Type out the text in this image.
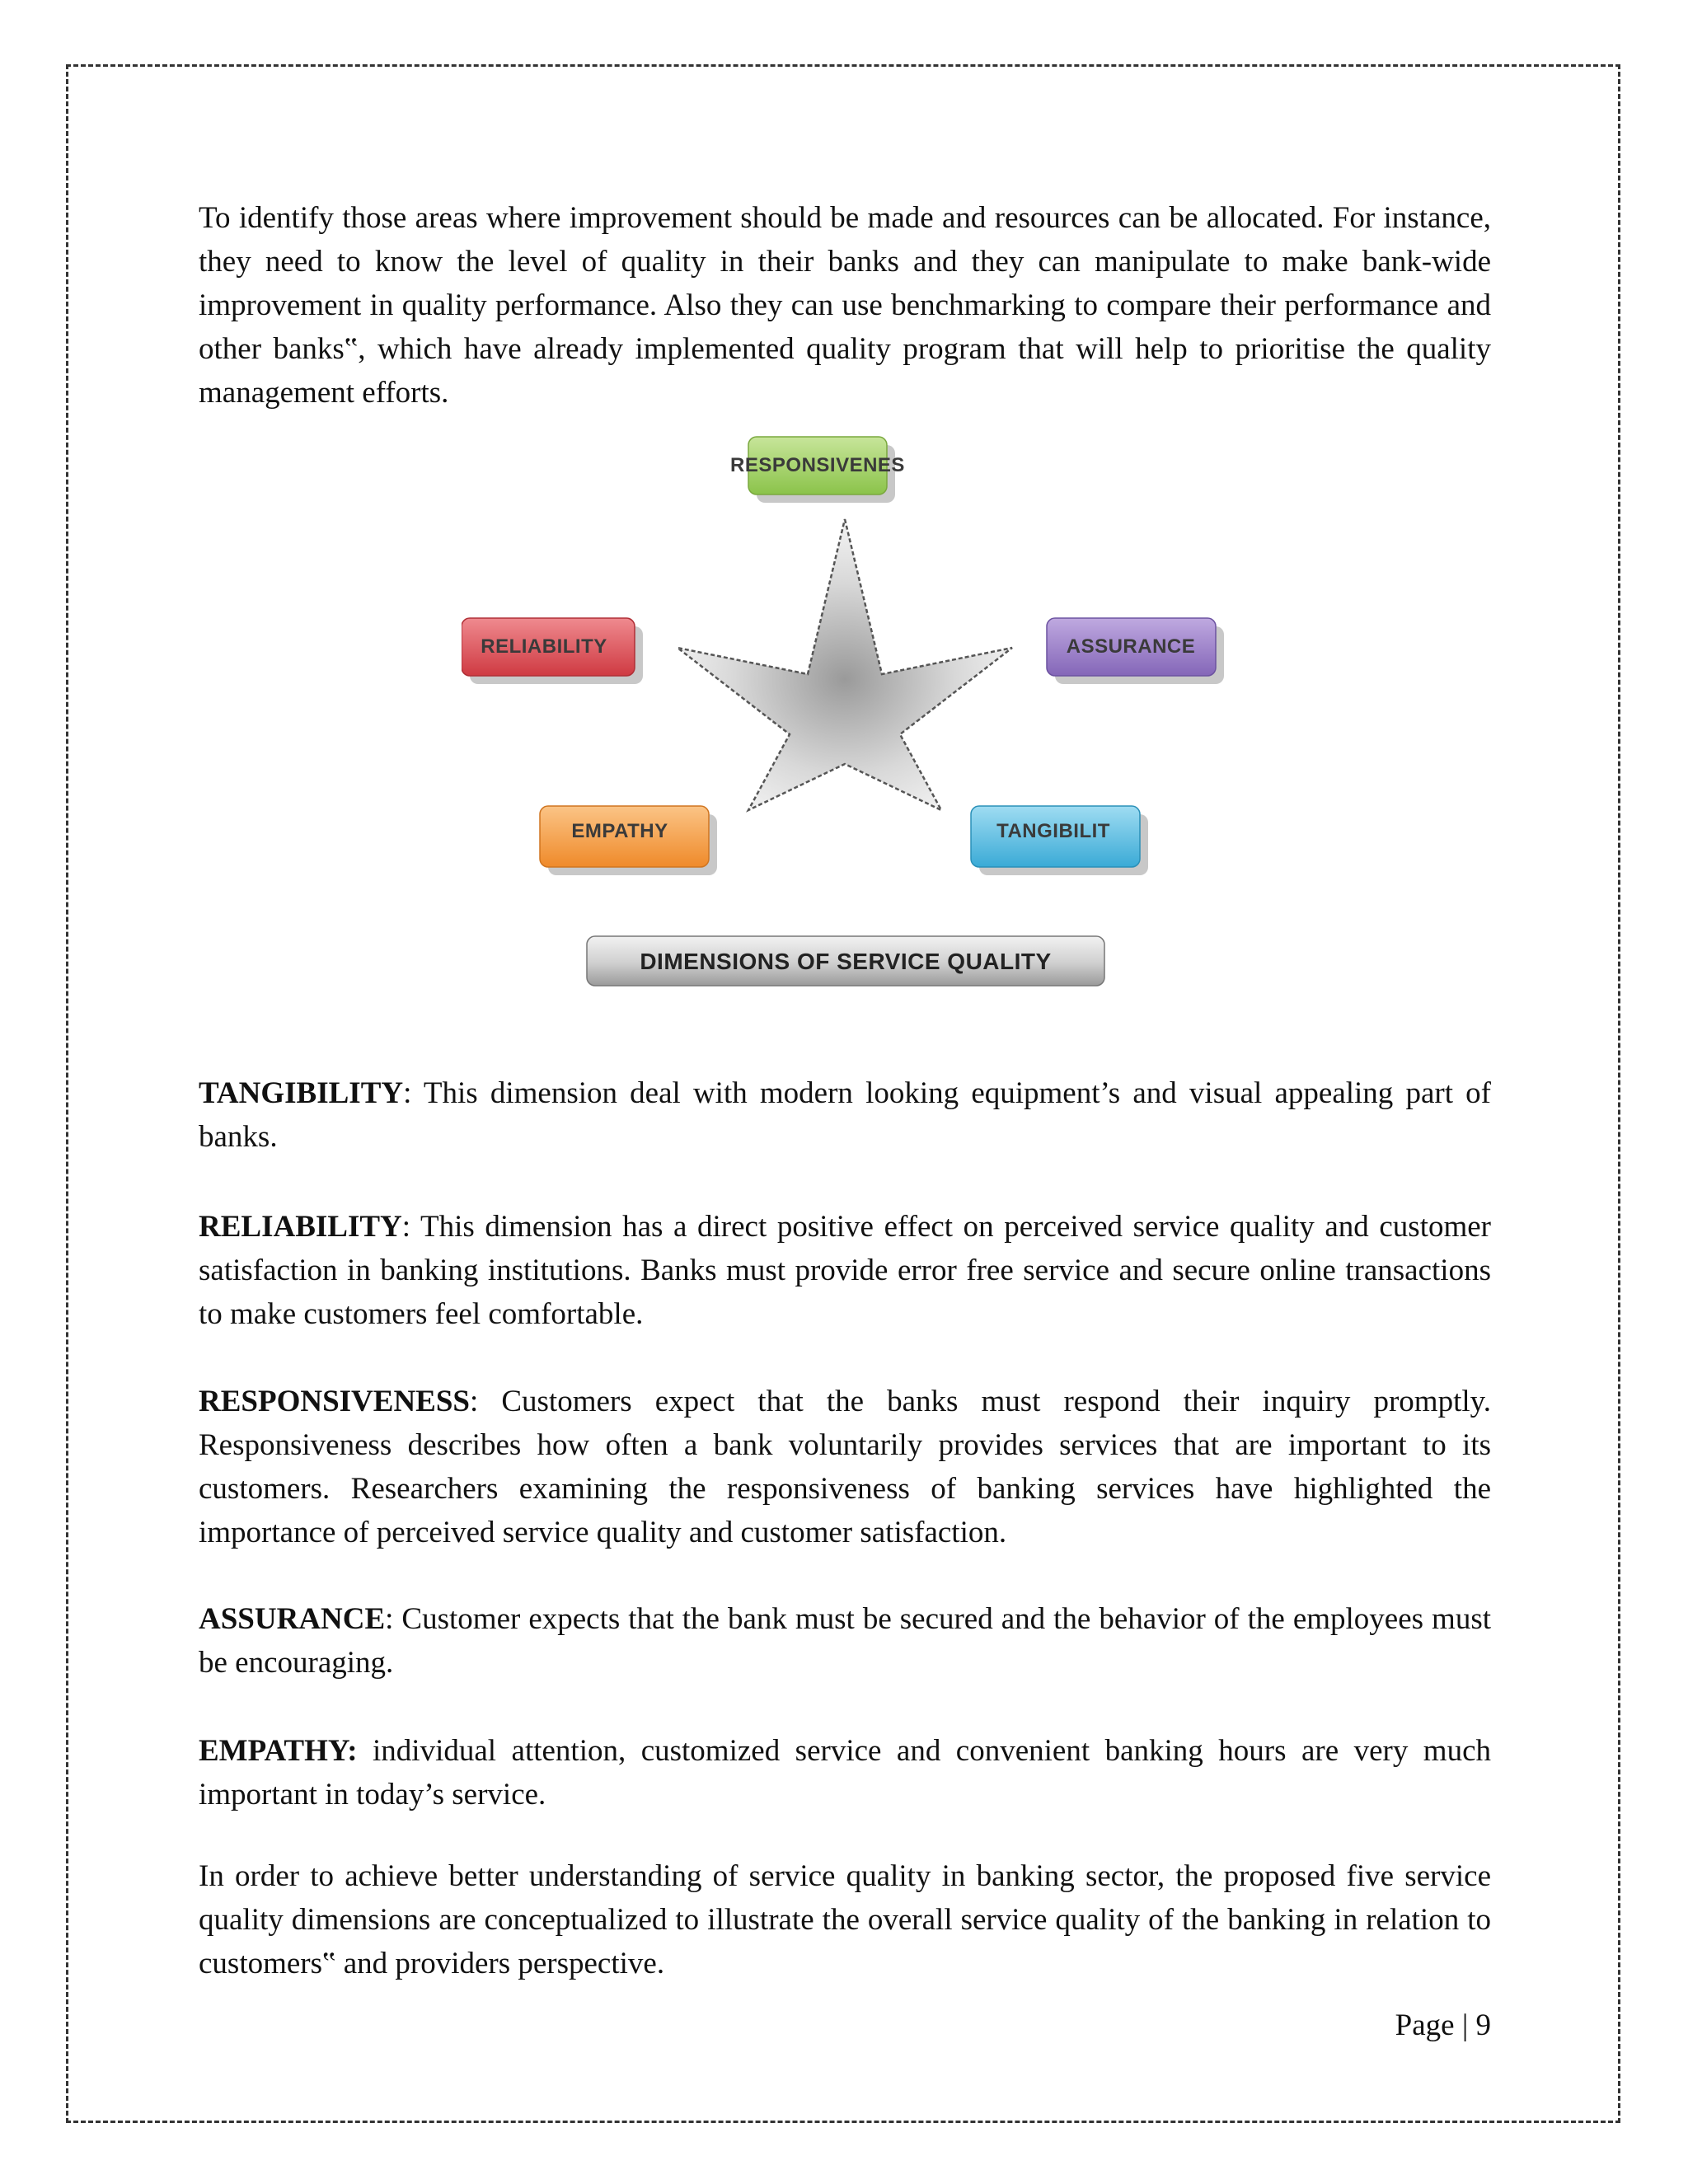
To identify those areas where improvement should be made and resources can be allocated. For instance, they need to know the level of quality in their banks and they can manipulate to make bank-wide improvement in quality performance. Also they can use benchmarking to compare their performance and other banks‟, which have already implemented quality program that will help to prioritise the quality management efforts.

RESPONSIVENES
RELIABILITY	ASSURANCE
EMPATHY	TANGIBILIT
DIMENSIONS OF SERVICE QUALITY

TANGIBILITY: This dimension deal with modern looking equipment’s and visual appealing part of banks.

RELIABILITY: This dimension has a direct positive effect on perceived service quality and customer satisfaction in banking institutions. Banks must provide error free service and secure online transactions to make customers feel comfortable.

RESPONSIVENESS: Customers expect that the banks must respond their inquiry promptly. Responsiveness describes how often a bank voluntarily provides services that are important to its customers. Researchers examining the responsiveness of banking services have highlighted the importance of perceived service quality and customer satisfaction.

ASSURANCE: Customer expects that the bank must be secured and the behavior of the employees must be encouraging.

EMPATHY: individual attention, customized service and convenient banking hours are very much important in today’s service.

In order to achieve better understanding of service quality in banking sector, the proposed five service quality dimensions are conceptualized to illustrate the overall service quality of the banking in relation to customers‟ and providers perspective.

Page | 9
